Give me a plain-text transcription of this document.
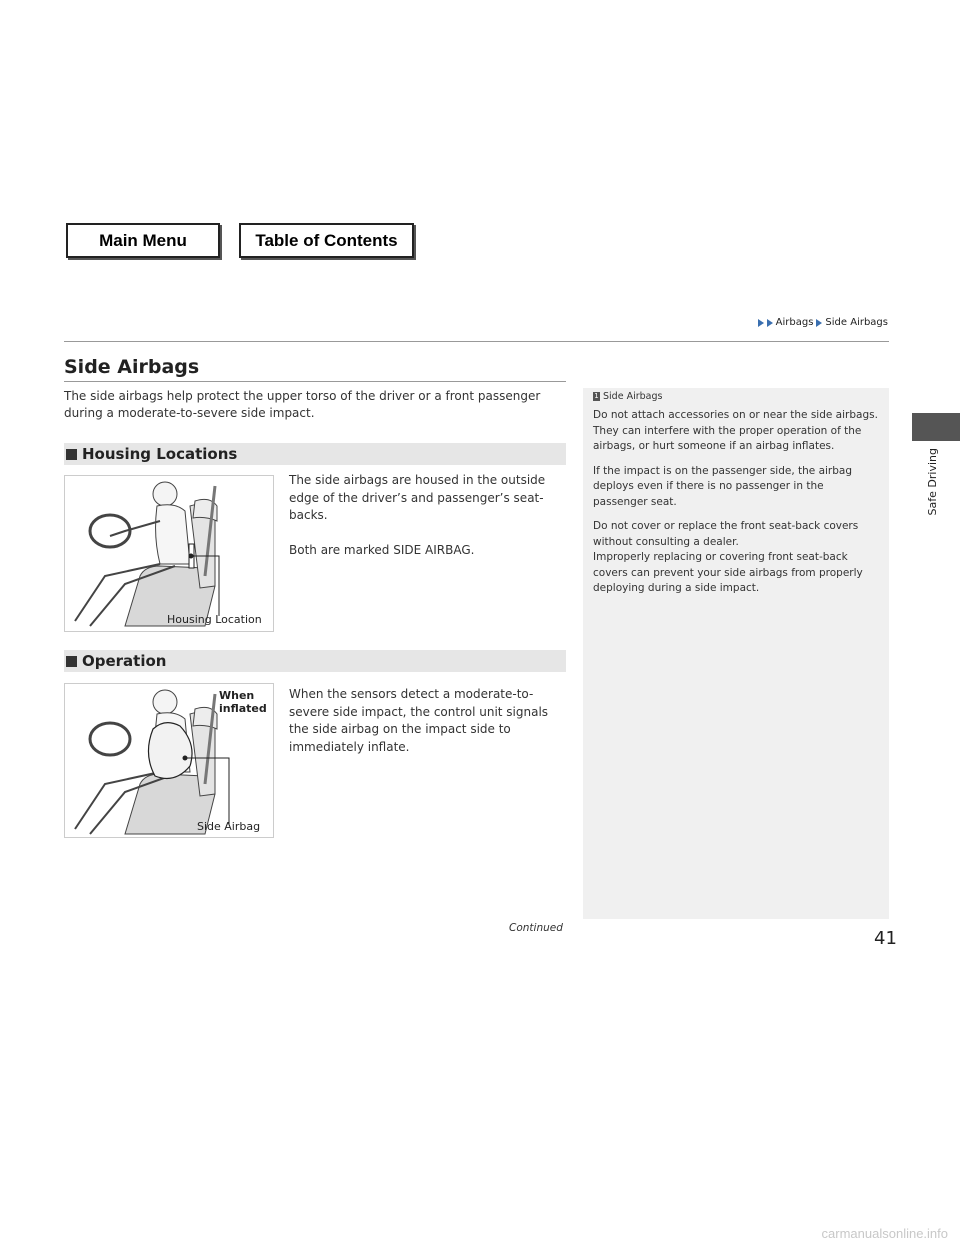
Main Menu	Table of Contents
Airbags Side Airbags
Side Airbags

The side airbags help protect the upper torso of the driver or a front passenger during a moderate-to-severe side impact.

Housing Locations
Housing Location

The side airbags are housed in the outside edge of the driver’s and passenger’s seat-backs.

Both are marked SIDE AIRBAG.

Operation
When inflated
Side Airbag

When the sensors detect a moderate-to-severe side impact, the control unit signals the side airbag on the impact side to immediately inflate.

1 Side Airbags

Do not attach accessories on or near the side airbags. They can interfere with the proper operation of the airbags, or hurt someone if an airbag inflates.

If the impact is on the passenger side, the airbag deploys even if there is no passenger in the passenger seat.

Do not cover or replace the front seat-back covers without consulting a dealer.
Improperly replacing or covering front seat-back covers can prevent your side airbags from properly deploying during a side impact.

Safe Driving
Continued	41
carmanualsonline.info
